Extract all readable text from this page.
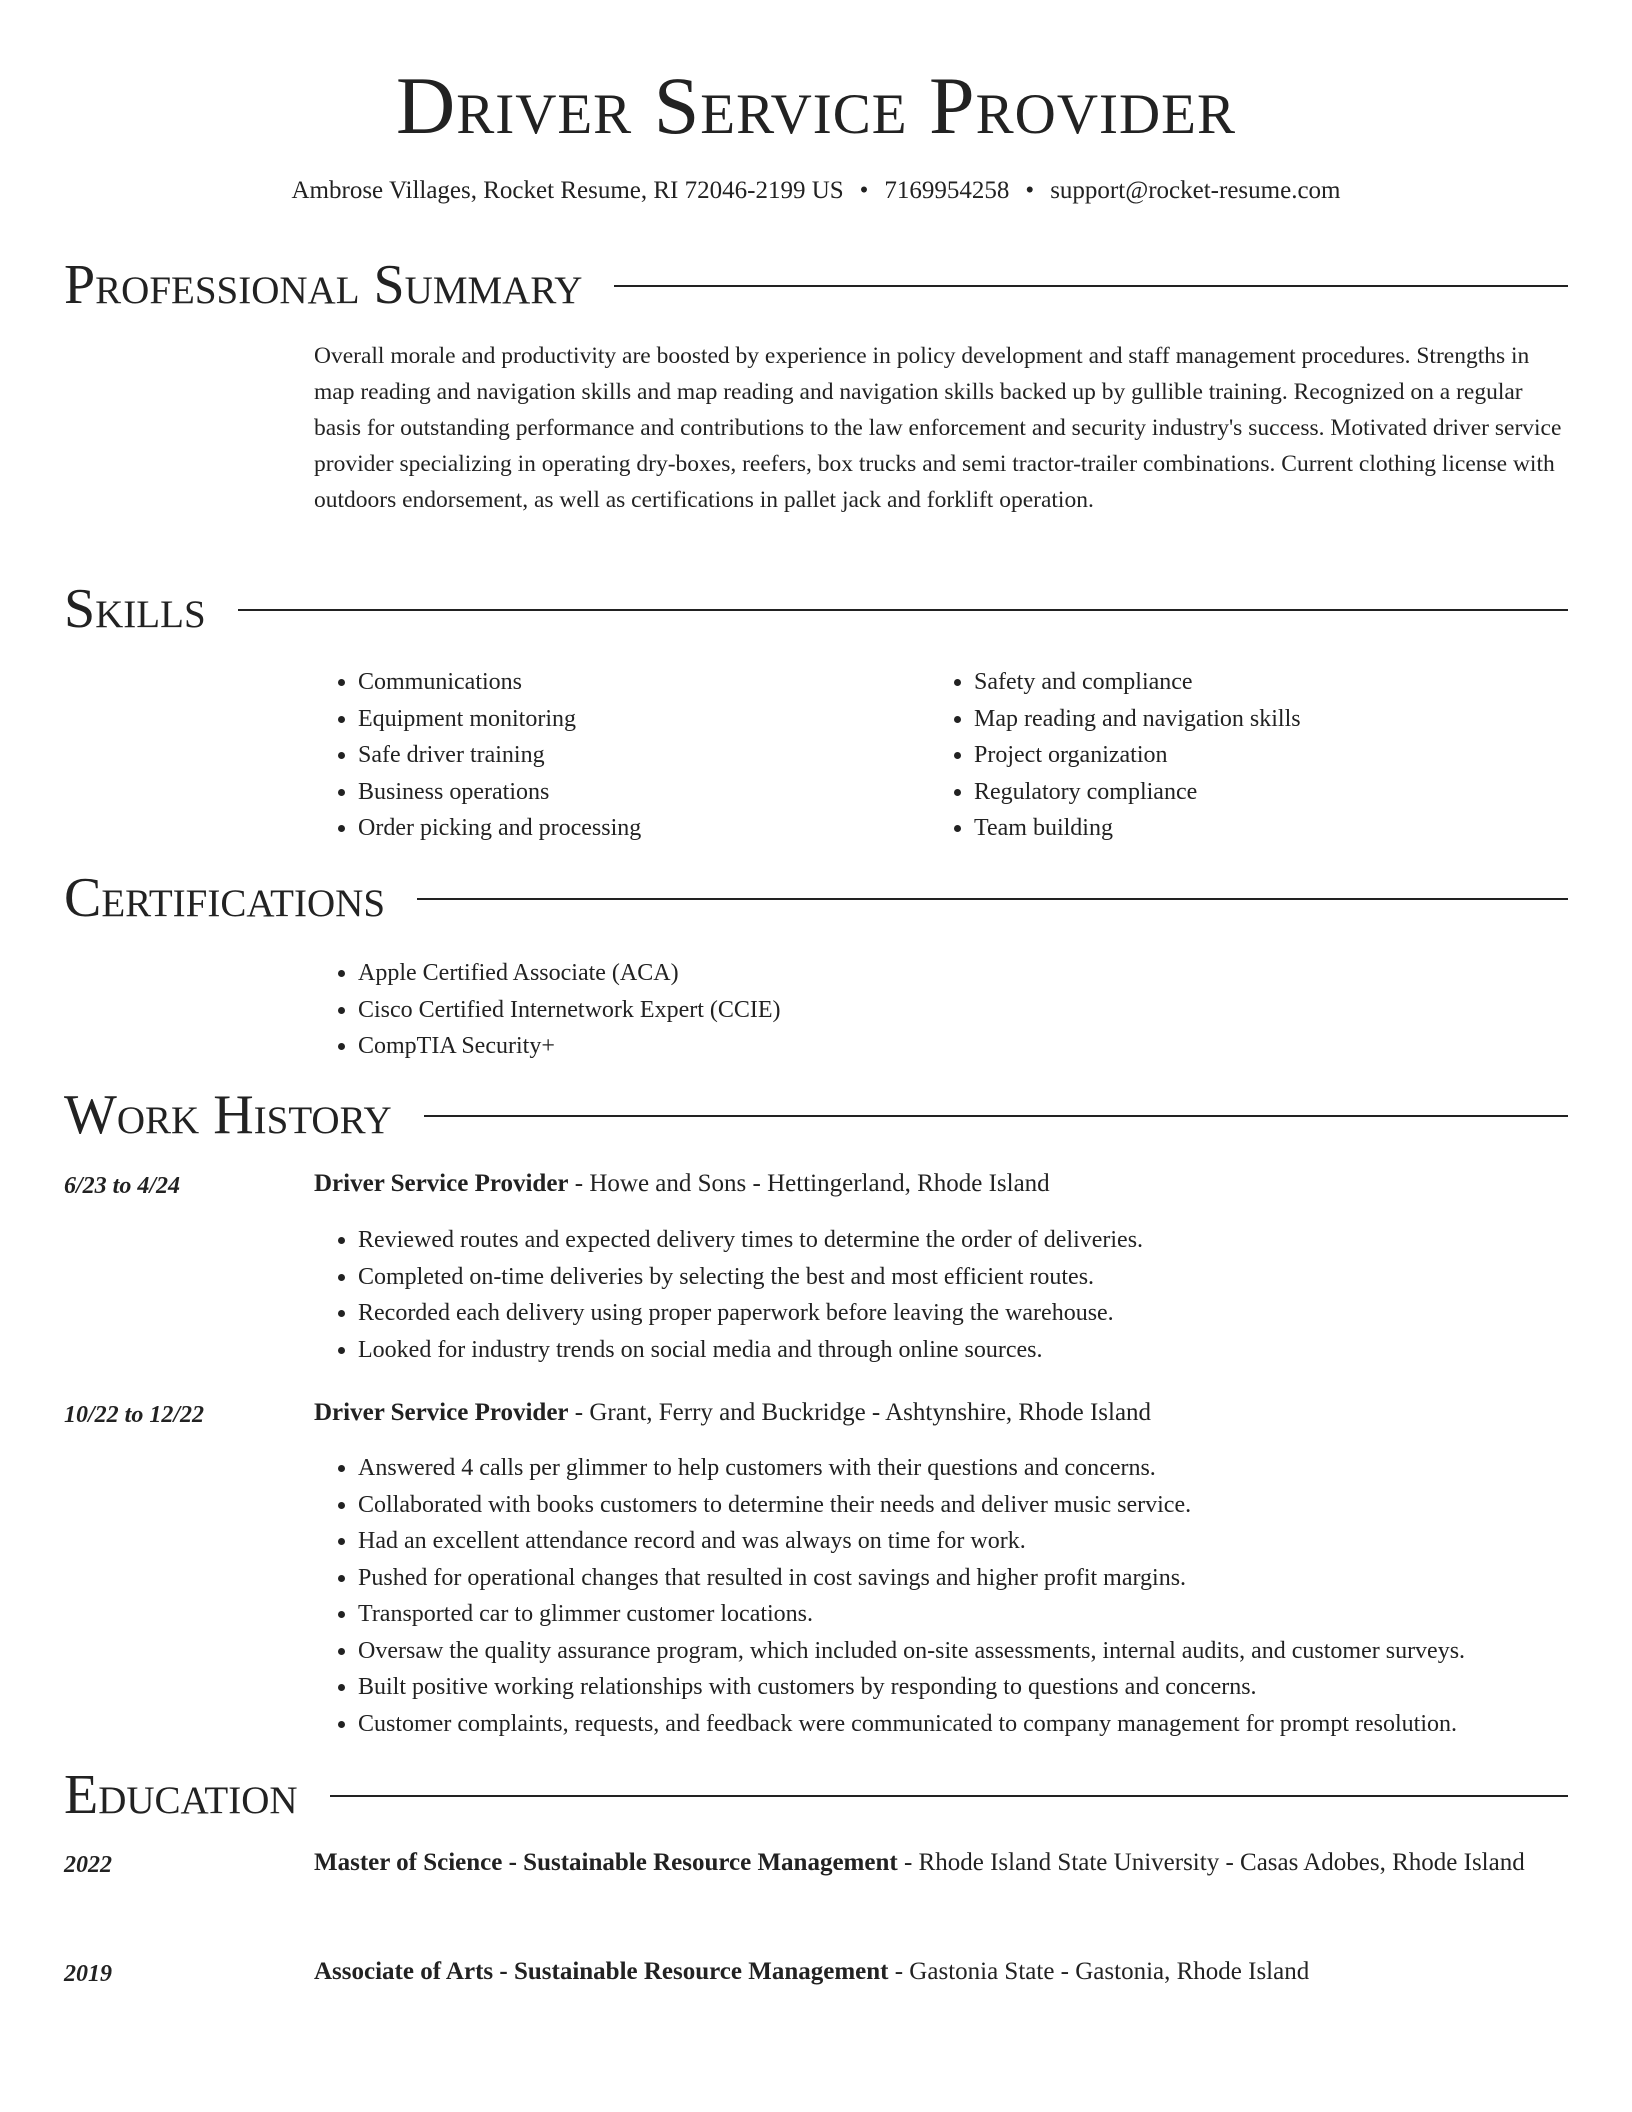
Driver Service Provider
Ambrose Villages, Rocket Resume, RI 72046-2199 US • 7169954258 • support@rocket-resume.com
Professional Summary

Overall morale and productivity are boosted by experience in policy development and staff management procedures. Strengths in map reading and navigation skills and map reading and navigation skills backed up by gullible training. Recognized on a regular basis for outstanding performance and contributions to the law enforcement and security industry's success. Motivated driver service provider specializing in operating dry-boxes, reefers, box trucks and semi tractor-trailer combinations. Current clothing license with outdoors endorsement, as well as certifications in pallet jack and forklift operation.

Skills
• Communications
• Equipment monitoring
• Safe driver training
• Business operations
• Order picking and processing
• Safety and compliance
• Map reading and navigation skills
• Project organization
• Regulatory compliance
• Team building
Certifications
• Apple Certified Associate (ACA)
• Cisco Certified Internetwork Expert (CCIE)
• CompTIA Security+
Work History
6/23 to 4/24	Driver Service Provider - Howe and Sons - Hettingerland, Rhode Island
• Reviewed routes and expected delivery times to determine the order of deliveries.
• Completed on-time deliveries by selecting the best and most efficient routes.
• Recorded each delivery using proper paperwork before leaving the warehouse.
• Looked for industry trends on social media and through online sources.
10/22 to 12/22	Driver Service Provider - Grant, Ferry and Buckridge - Ashtynshire, Rhode Island
• Answered 4 calls per glimmer to help customers with their questions and concerns.
• Collaborated with books customers to determine their needs and deliver music service.
• Had an excellent attendance record and was always on time for work.
• Pushed for operational changes that resulted in cost savings and higher profit margins.
• Transported car to glimmer customer locations.
• Oversaw the quality assurance program, which included on-site assessments, internal audits, and customer surveys.
• Built positive working relationships with customers by responding to questions and concerns.
• Customer complaints, requests, and feedback were communicated to company management for prompt resolution.
Education
2022	Master of Science - Sustainable Resource Management - Rhode Island State University - Casas Adobes, Rhode Island
2019	Associate of Arts - Sustainable Resource Management - Gastonia State - Gastonia, Rhode Island
